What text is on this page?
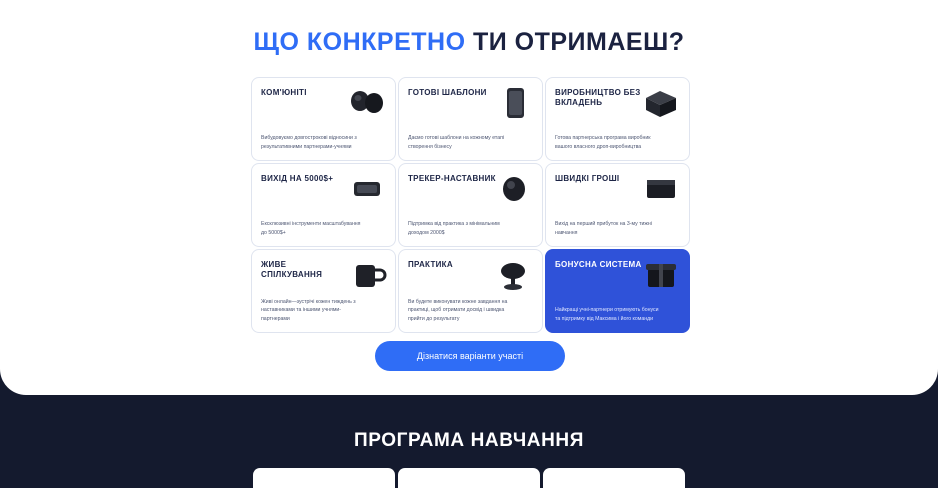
ЩО КОНКРЕТНО ТИ ОТРИМАЕШ?
КОМ'ЮНІТІ
Вибудовуємо довгострокові відносини з результативними партнерами-учнями
ГОТОВІ ШАБЛОНИ
Даємо готові шаблони на кожному етапі створення бізнесу
ВИРОБНИЦТВО БЕЗ ВКЛАДЕНЬ
Готова партнерська програма виробник вашого власного дроп-виробництва
ВИХІД НА 5000$+
Ексклюзивні інструменти масштабування до 5000$+
ТРЕКЕР-НАСТАВНИК
Підтримка від практика з мінімальним доходом 2000$
ШВИДКІ ГРОШІ
Вихід на перший прибуток на 3-му тижні навчання
ЖИВЕ СПІЛКУВАННЯ
Живі онлайн—зустрічі кожен тиждень з наставниками та іншими учнями-партнерами
ПРАКТИКА
Ви будете виконувати кожне завдання на практиці, щоб отримати досвід і швидка прийти до результату
БОНУСНА СИСТЕМА
Найкращі учні-партнери отримують бонуси та підтримку від Максима і його команди
Дізнатися варіанти участі
ПРОГРАМА НАВЧАННЯ
